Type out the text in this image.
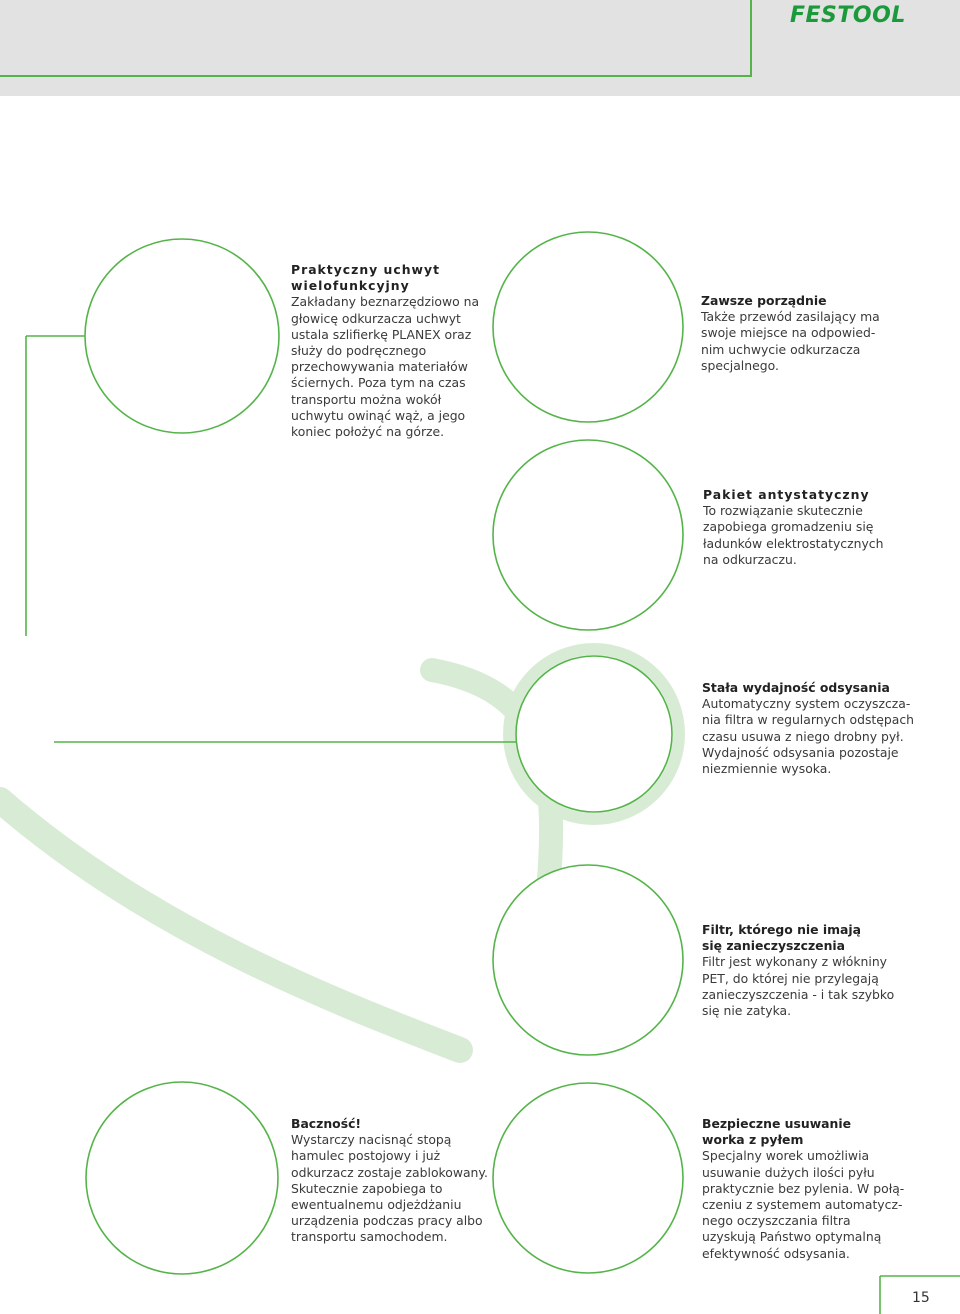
FESTOOL
Praktyczny uchwyt
wielofunkcyjny
Zakładany beznarzędziowo na
głowicę odkurzacza uchwyt
ustala szlifierkę PLANEX oraz
służy do podręcznego
przechowywania materiałów
ściernych. Poza tym na czas
transportu można wokół
uchwytu owinąć wąż, a jego
koniec położyć na górze.
Zawsze porządnie
Także przewód zasilający ma
swoje miejsce na odpowied-
nim uchwycie odkurzacza
specjalnego.
Pakiet antystatyczny
To rozwiązanie skutecznie
zapobiega gromadzeniu się
ładunków elektrostatycznych
na odkurzaczu.
Stała wydajność odsysania
Automatyczny system oczyszcza-
nia filtra w regularnych odstępach
czasu usuwa z niego drobny pył.
Wydajność odsysania pozostaje
niezmiennie wysoka.
Filtr, którego nie imają
się zanieczyszczenia
Filtr jest wykonany z włókniny
PET, do której nie przylegają
zanieczyszczenia - i tak szybko
się nie zatyka.
Baczność!
Wystarczy nacisnąć stopą
hamulec postojowy i już
odkurzacz zostaje zablokowany.
Skutecznie zapobiega to
ewentualnemu odjeżdżaniu
urządzenia podczas pracy albo
transportu samochodem.
Bezpieczne usuwanie
worka z pyłem
Specjalny worek umożliwia
usuwanie dużych ilości pyłu
praktycznie bez pylenia. W połą-
czeniu z systemem automatycz-
nego oczyszczania filtra
uzyskują Państwo optymalną
efektywność odsysania.
15
